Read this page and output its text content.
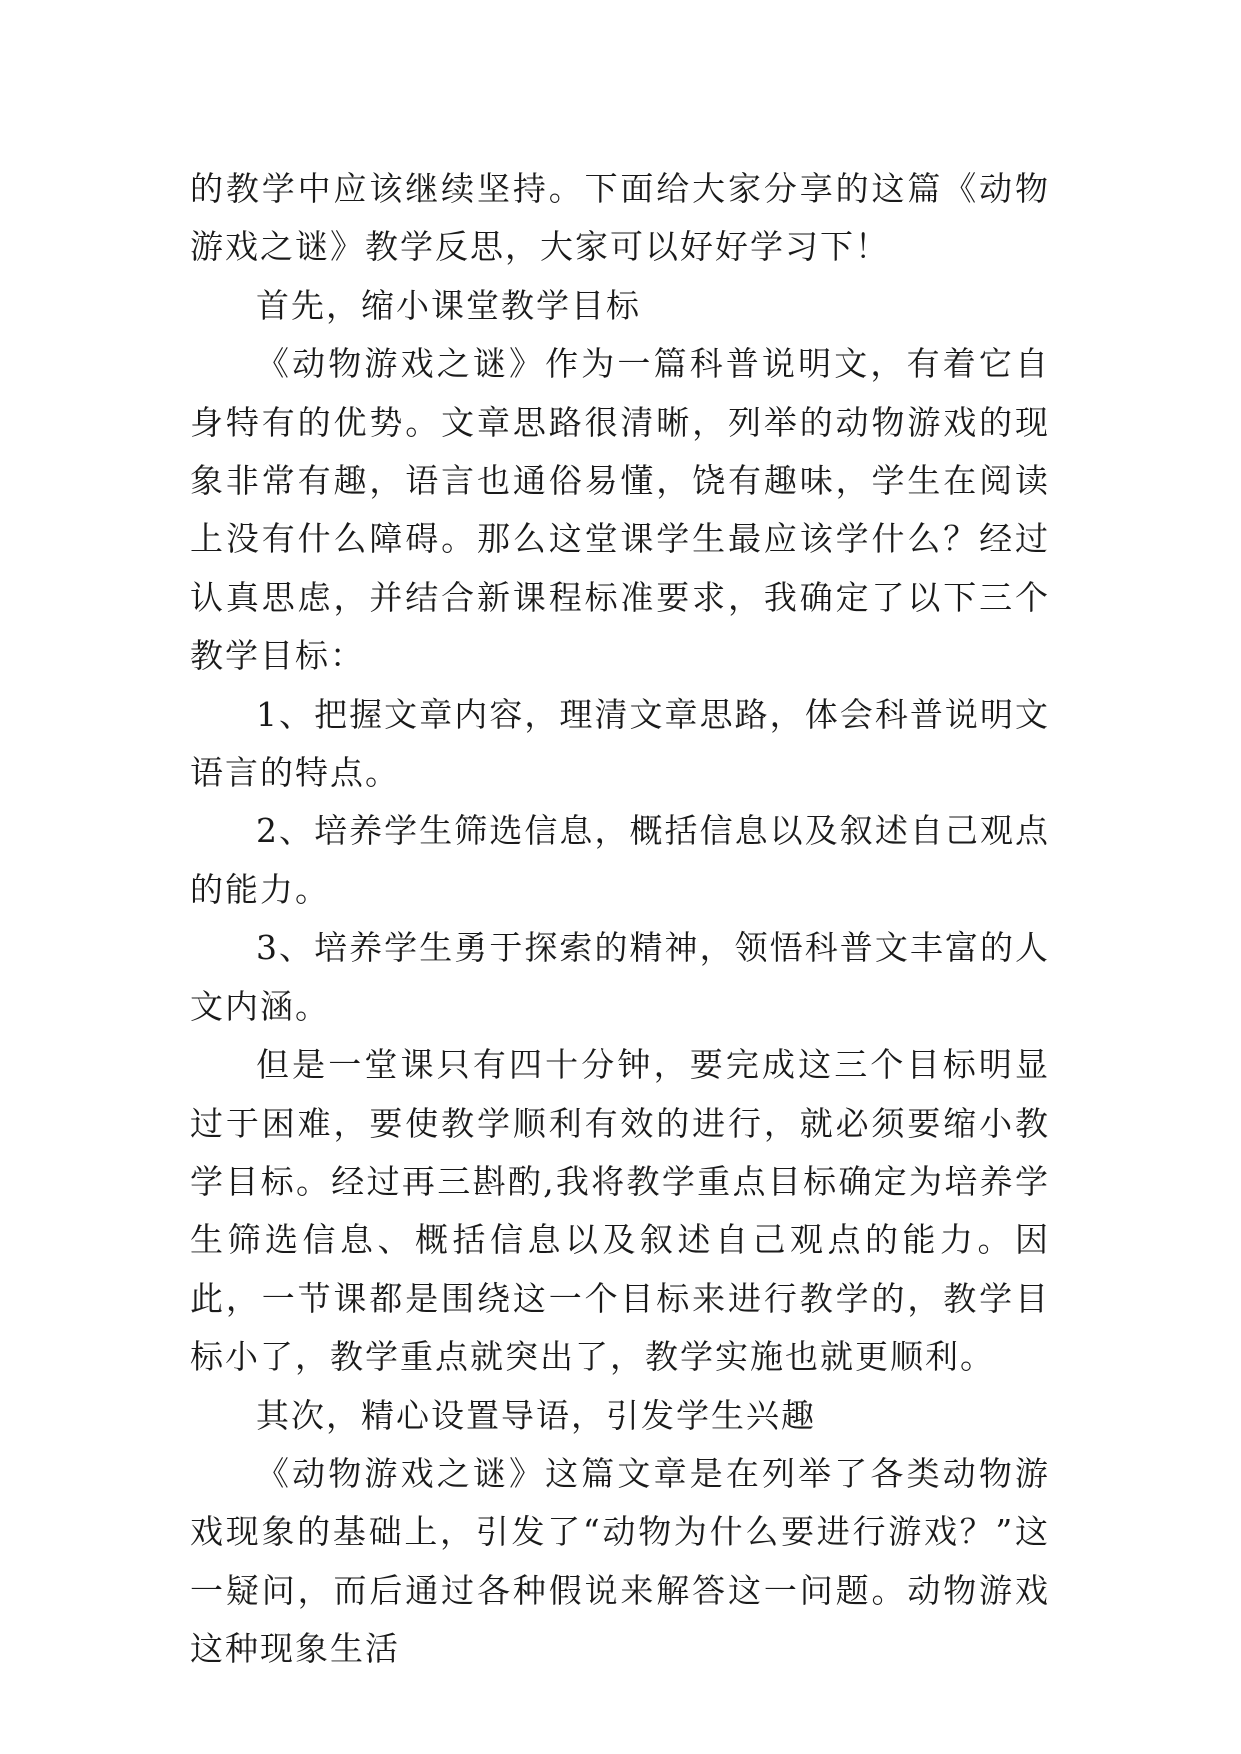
的教学中应该继续坚持。下面给大家分享的这篇《动物游戏之谜》教学反思，大家可以好好学习下！

首先，缩小课堂教学目标

《动物游戏之谜》作为一篇科普说明文，有着它自身特有的优势。文章思路很清晰，列举的动物游戏的现象非常有趣，语言也通俗易懂，饶有趣味，学生在阅读上没有什么障碍。那么这堂课学生最应该学什么？经过认真思虑，并结合新课程标准要求，我确定了以下三个教学目标：

1、把握文章内容，理清文章思路，体会科普说明文语言的特点。

2、培养学生筛选信息，概括信息以及叙述自己观点的能力。

3、培养学生勇于探索的精神，领悟科普文丰富的人文内涵。

但是一堂课只有四十分钟，要完成这三个目标明显过于困难，要使教学顺利有效的进行，就必须要缩小教学目标。经过再三斟酌,我将教学重点目标确定为培养学生筛选信息、概括信息以及叙述自己观点的能力。因此，一节课都是围绕这一个目标来进行教学的，教学目标小了，教学重点就突出了，教学实施也就更顺利。

其次，精心设置导语，引发学生兴趣

《动物游戏之谜》这篇文章是在列举了各类动物游戏现象的基础上，引发了“动物为什么要进行游戏？”这一疑问，而后通过各种假说来解答这一问题。动物游戏这种现象生活
